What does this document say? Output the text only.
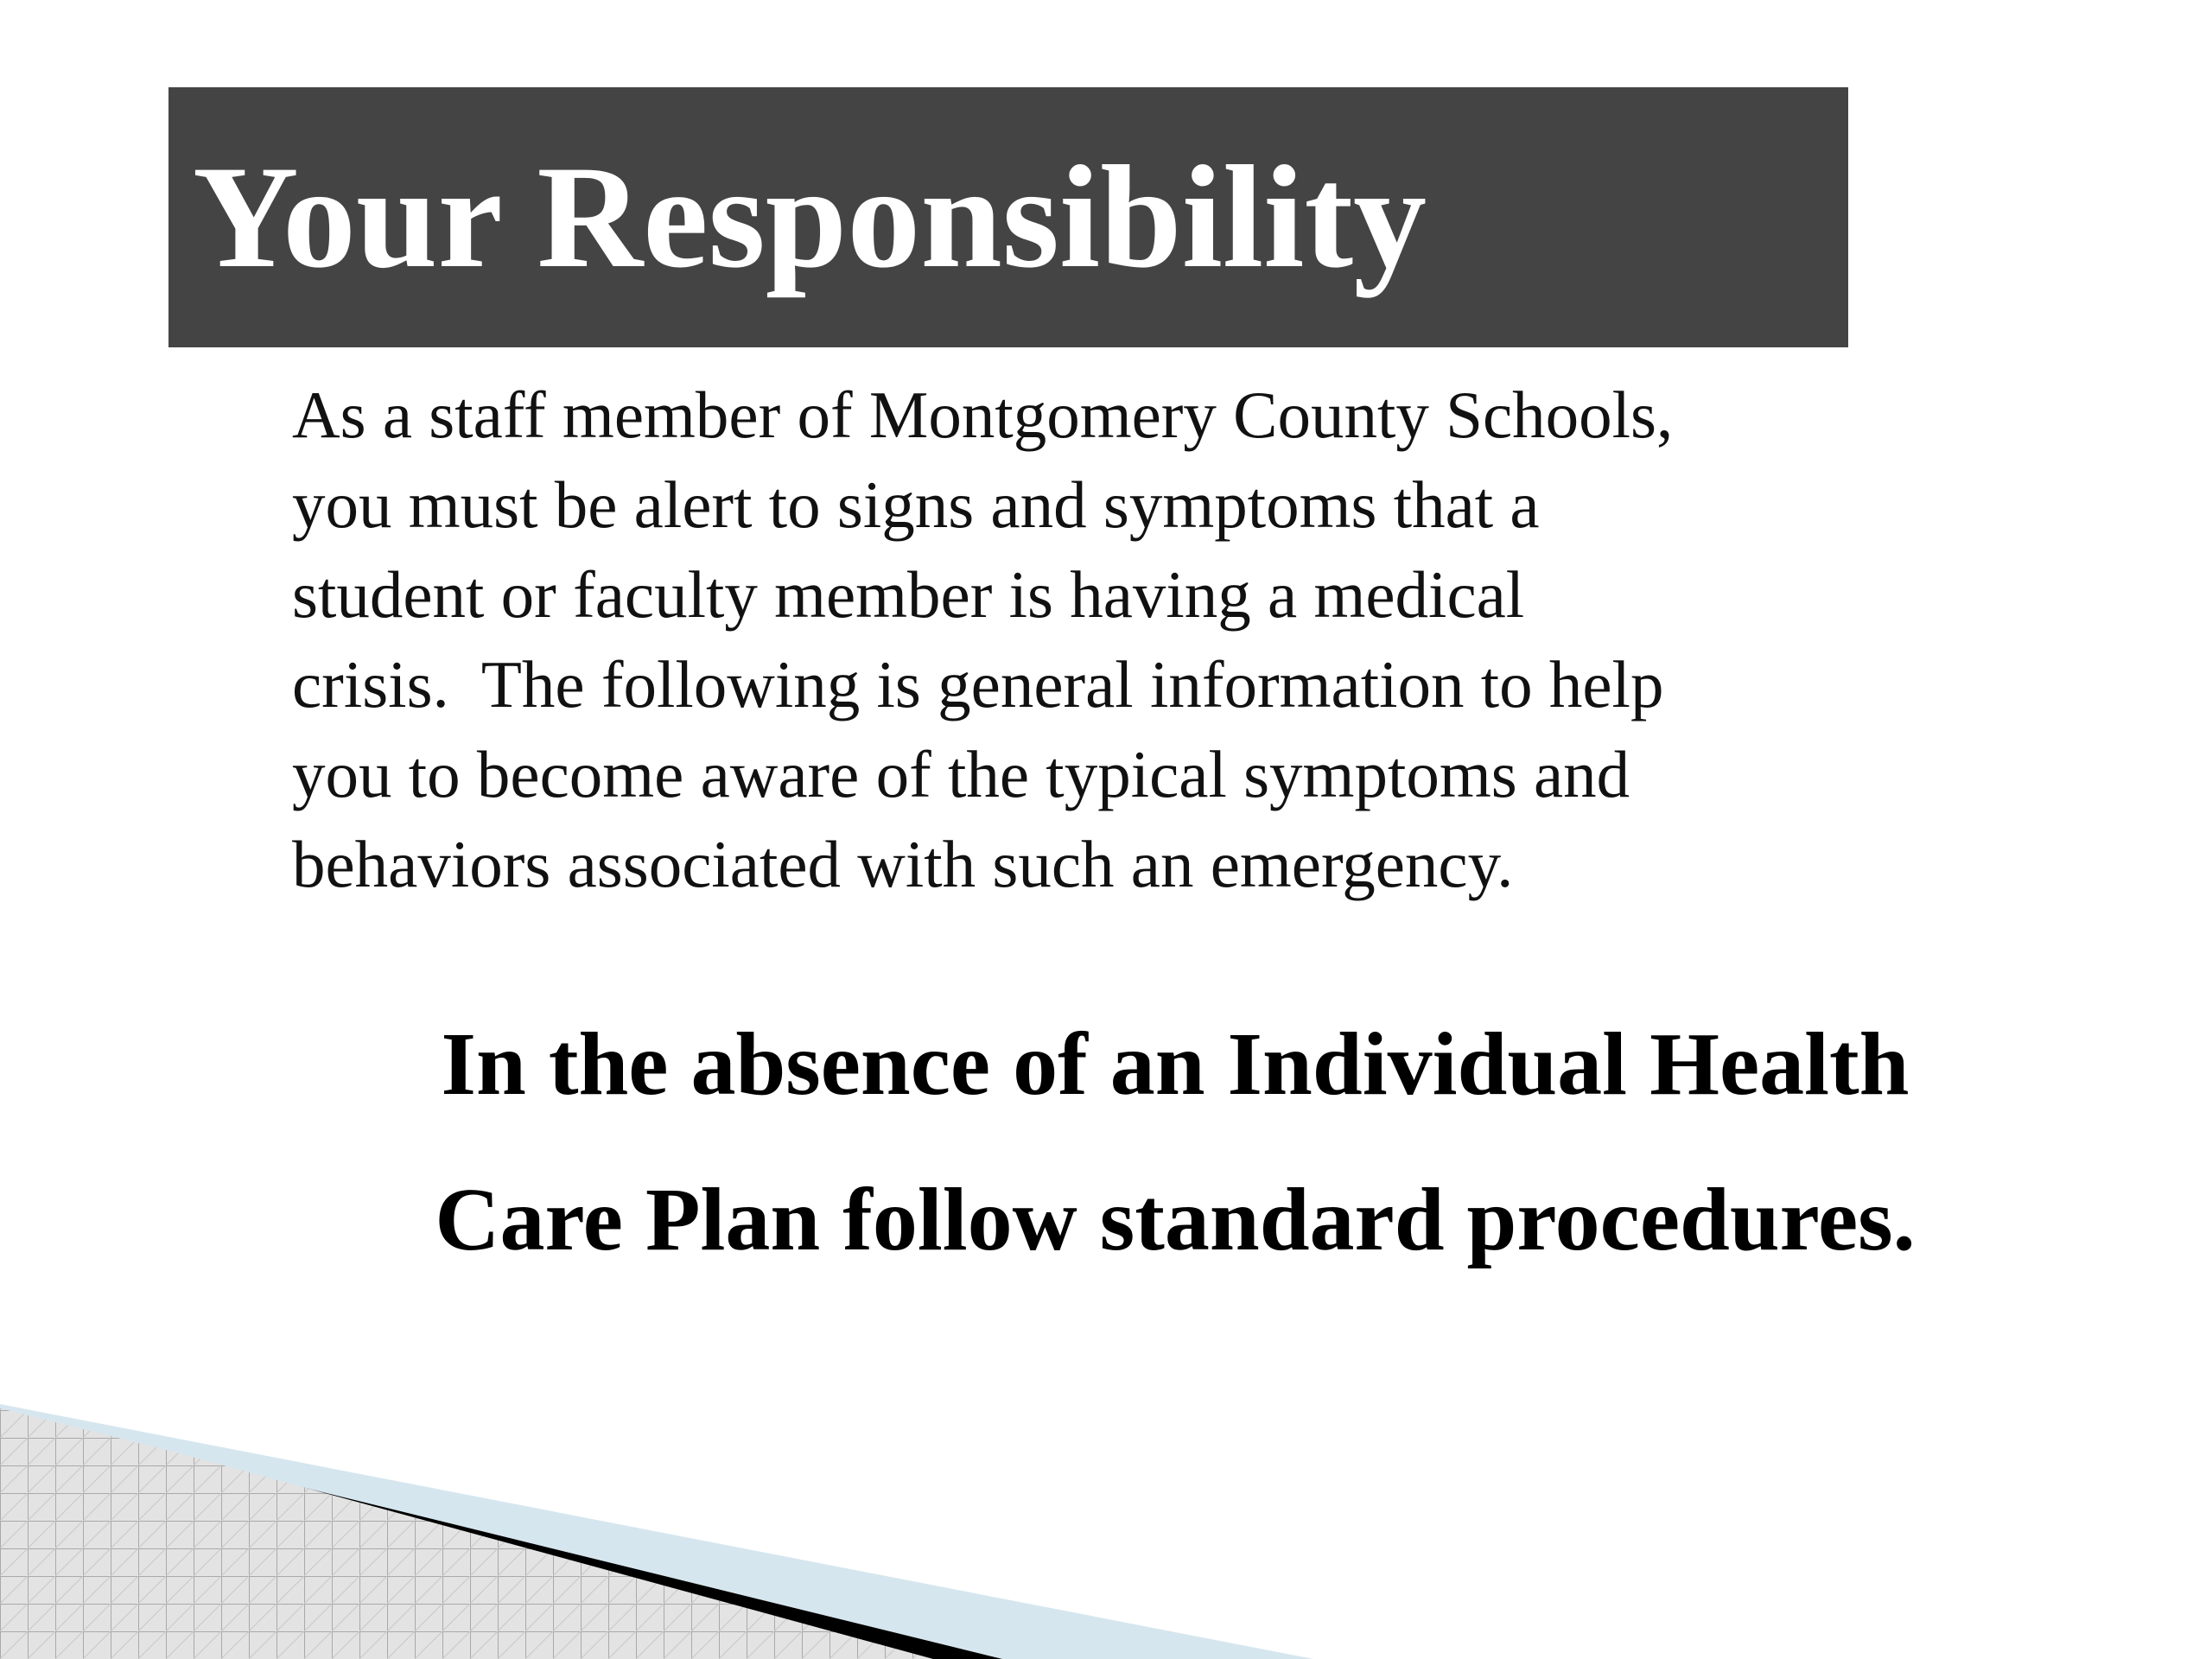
Your Responsibility
As a staff member of Montgomery County Schools,
you must be alert to signs and symptoms that a
student or faculty member is having a medical
crisis.  The following is general information to help
you to become aware of the typical symptoms and
behaviors associated with such an emergency.
In the absence of an Individual Health
Care Plan follow standard procedures.
